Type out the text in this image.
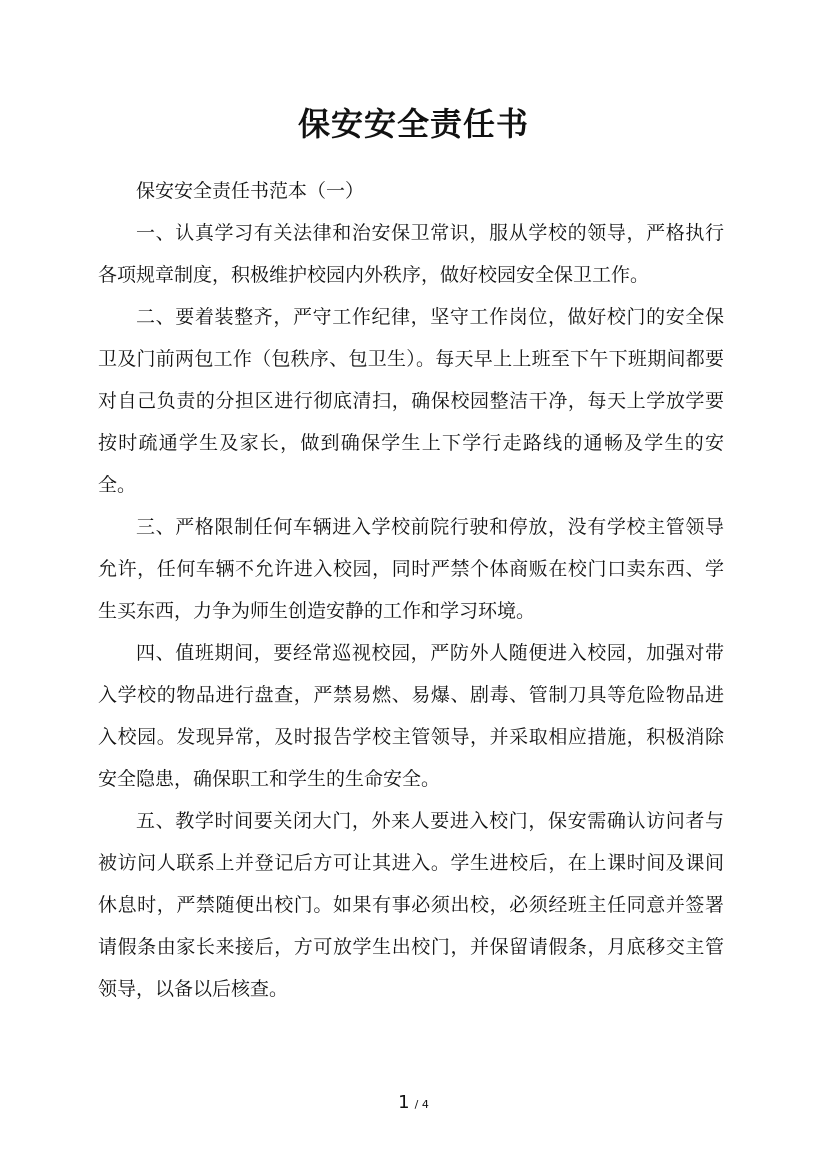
保安安全责任书

保安安全责任书范本（一）

一、认真学习有关法律和治安保卫常识，服从学校的领导，严格执行各项规章制度，积极维护校园内外秩序，做好校园安全保卫工作。

二、要着装整齐，严守工作纪律，坚守工作岗位，做好校门的安全保卫及门前两包工作（包秩序、包卫生）。每天早上上班至下午下班期间都要对自己负责的分担区进行彻底清扫，确保校园整洁干净，每天上学放学要按时疏通学生及家长，做到确保学生上下学行走路线的通畅及学生的安全。

三、严格限制任何车辆进入学校前院行驶和停放，没有学校主管领导允许，任何车辆不允许进入校园，同时严禁个体商贩在校门口卖东西、学生买东西，力争为师生创造安静的工作和学习环境。

四、值班期间，要经常巡视校园，严防外人随便进入校园，加强对带入学校的物品进行盘查，严禁易燃、易爆、剧毒、管制刀具等危险物品进入校园。发现异常，及时报告学校主管领导，并采取相应措施，积极消除安全隐患，确保职工和学生的生命安全。

五、教学时间要关闭大门，外来人要进入校门，保安需确认访问者与被访问人联系上并登记后方可让其进入。学生进校后，在上课时间及课间休息时，严禁随便出校门。如果有事必须出校，必须经班主任同意并签署请假条由家长来接后，方可放学生出校门，并保留请假条，月底移交主管领导，以备以后核查。

1 / 4
